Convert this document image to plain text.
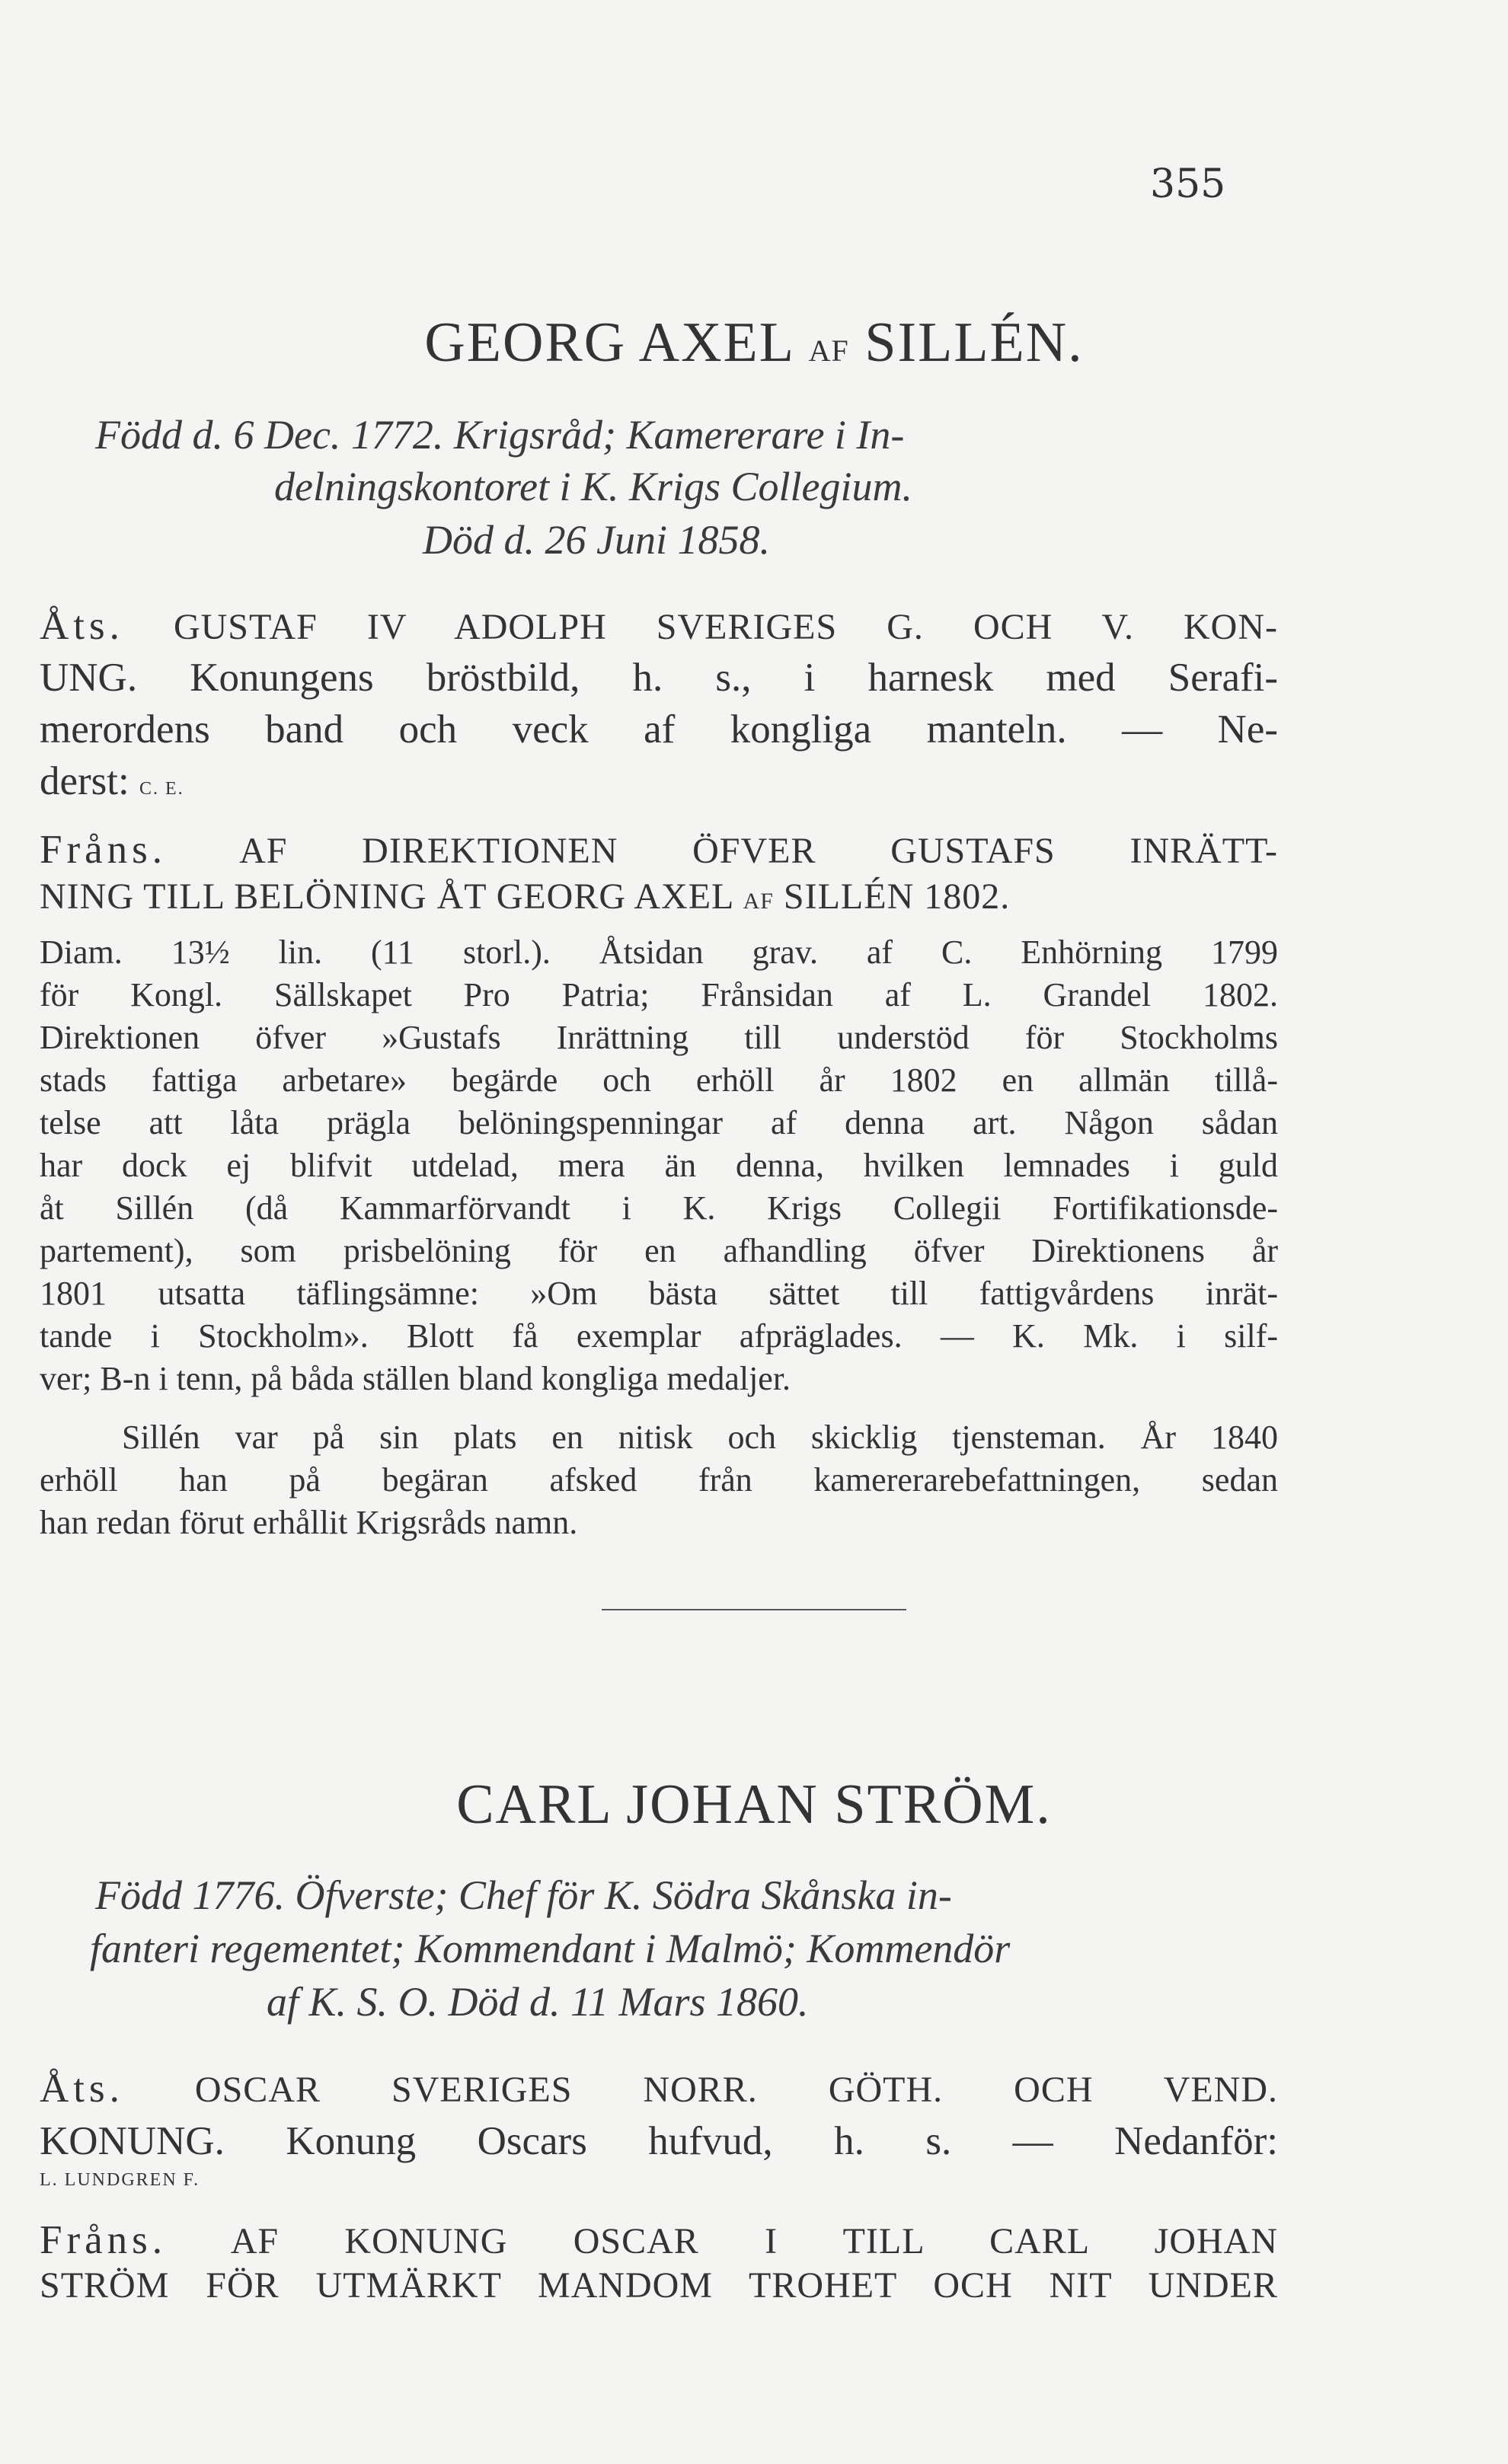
355
GEORG AXEL AF SILLÉN.
Född d. 6 Dec. 1772. Krigsråd; Kamererare i In-
delningskontoret i K. Krigs Collegium.
Död d. 26 Juni 1858.
Åts. GUSTAF IV ADOLPH SVERIGES G. OCH V. KON-
UNG. Konungens bröstbild, h. s., i harnesk med Serafi-
merordens band och veck af kongliga manteln. — Ne-
derst: C. E.
Fråns. AF DIREKTIONEN ÖFVER GUSTAFS INRÄTT-
NING TILL BELÖNING ÅT GEORG AXEL AF SILLÉN 1802.
Diam. 13½ lin. (11 storl.). Åtsidan grav. af C. Enhörning 1799
för Kongl. Sällskapet Pro Patria; Frånsidan af L. Grandel 1802.
Direktionen öfver »Gustafs Inrättning till understöd för Stockholms
stads fattiga arbetare» begärde och erhöll år 1802 en allmän tillå-
telse att låta prägla belöningspenningar af denna art. Någon sådan
har dock ej blifvit utdelad, mera än denna, hvilken lemnades i guld
åt Sillén (då Kammarförvandt i K. Krigs Collegii Fortifikationsde-
partement), som prisbelöning för en afhandling öfver Direktionens år
1801 utsatta täflingsämne: »Om bästa sättet till fattigvårdens inrät-
tande i Stockholm». Blott få exemplar afpräglades. — K. Mk. i silf-
ver; B-n i tenn, på båda ställen bland kongliga medaljer.
Sillén var på sin plats en nitisk och skicklig tjensteman. År 1840
erhöll han på begäran afsked från kamererarebefattningen, sedan
han redan förut erhållit Krigsråds namn.
CARL JOHAN STRÖM.
Född 1776. Öfverste; Chef för K. Södra Skånska in-
fanteri regementet; Kommendant i Malmö; Kommendör
af K. S. O. Död d. 11 Mars 1860.
Åts. OSCAR SVERIGES NORR. GÖTH. OCH VEND.
KONUNG. Konung Oscars hufvud, h. s. — Nedanför:
L. LUNDGREN F.
Fråns. AF KONUNG OSCAR I TILL CARL JOHAN
STRÖM FÖR UTMÄRKT MANDOM TROHET OCH NIT UNDER
